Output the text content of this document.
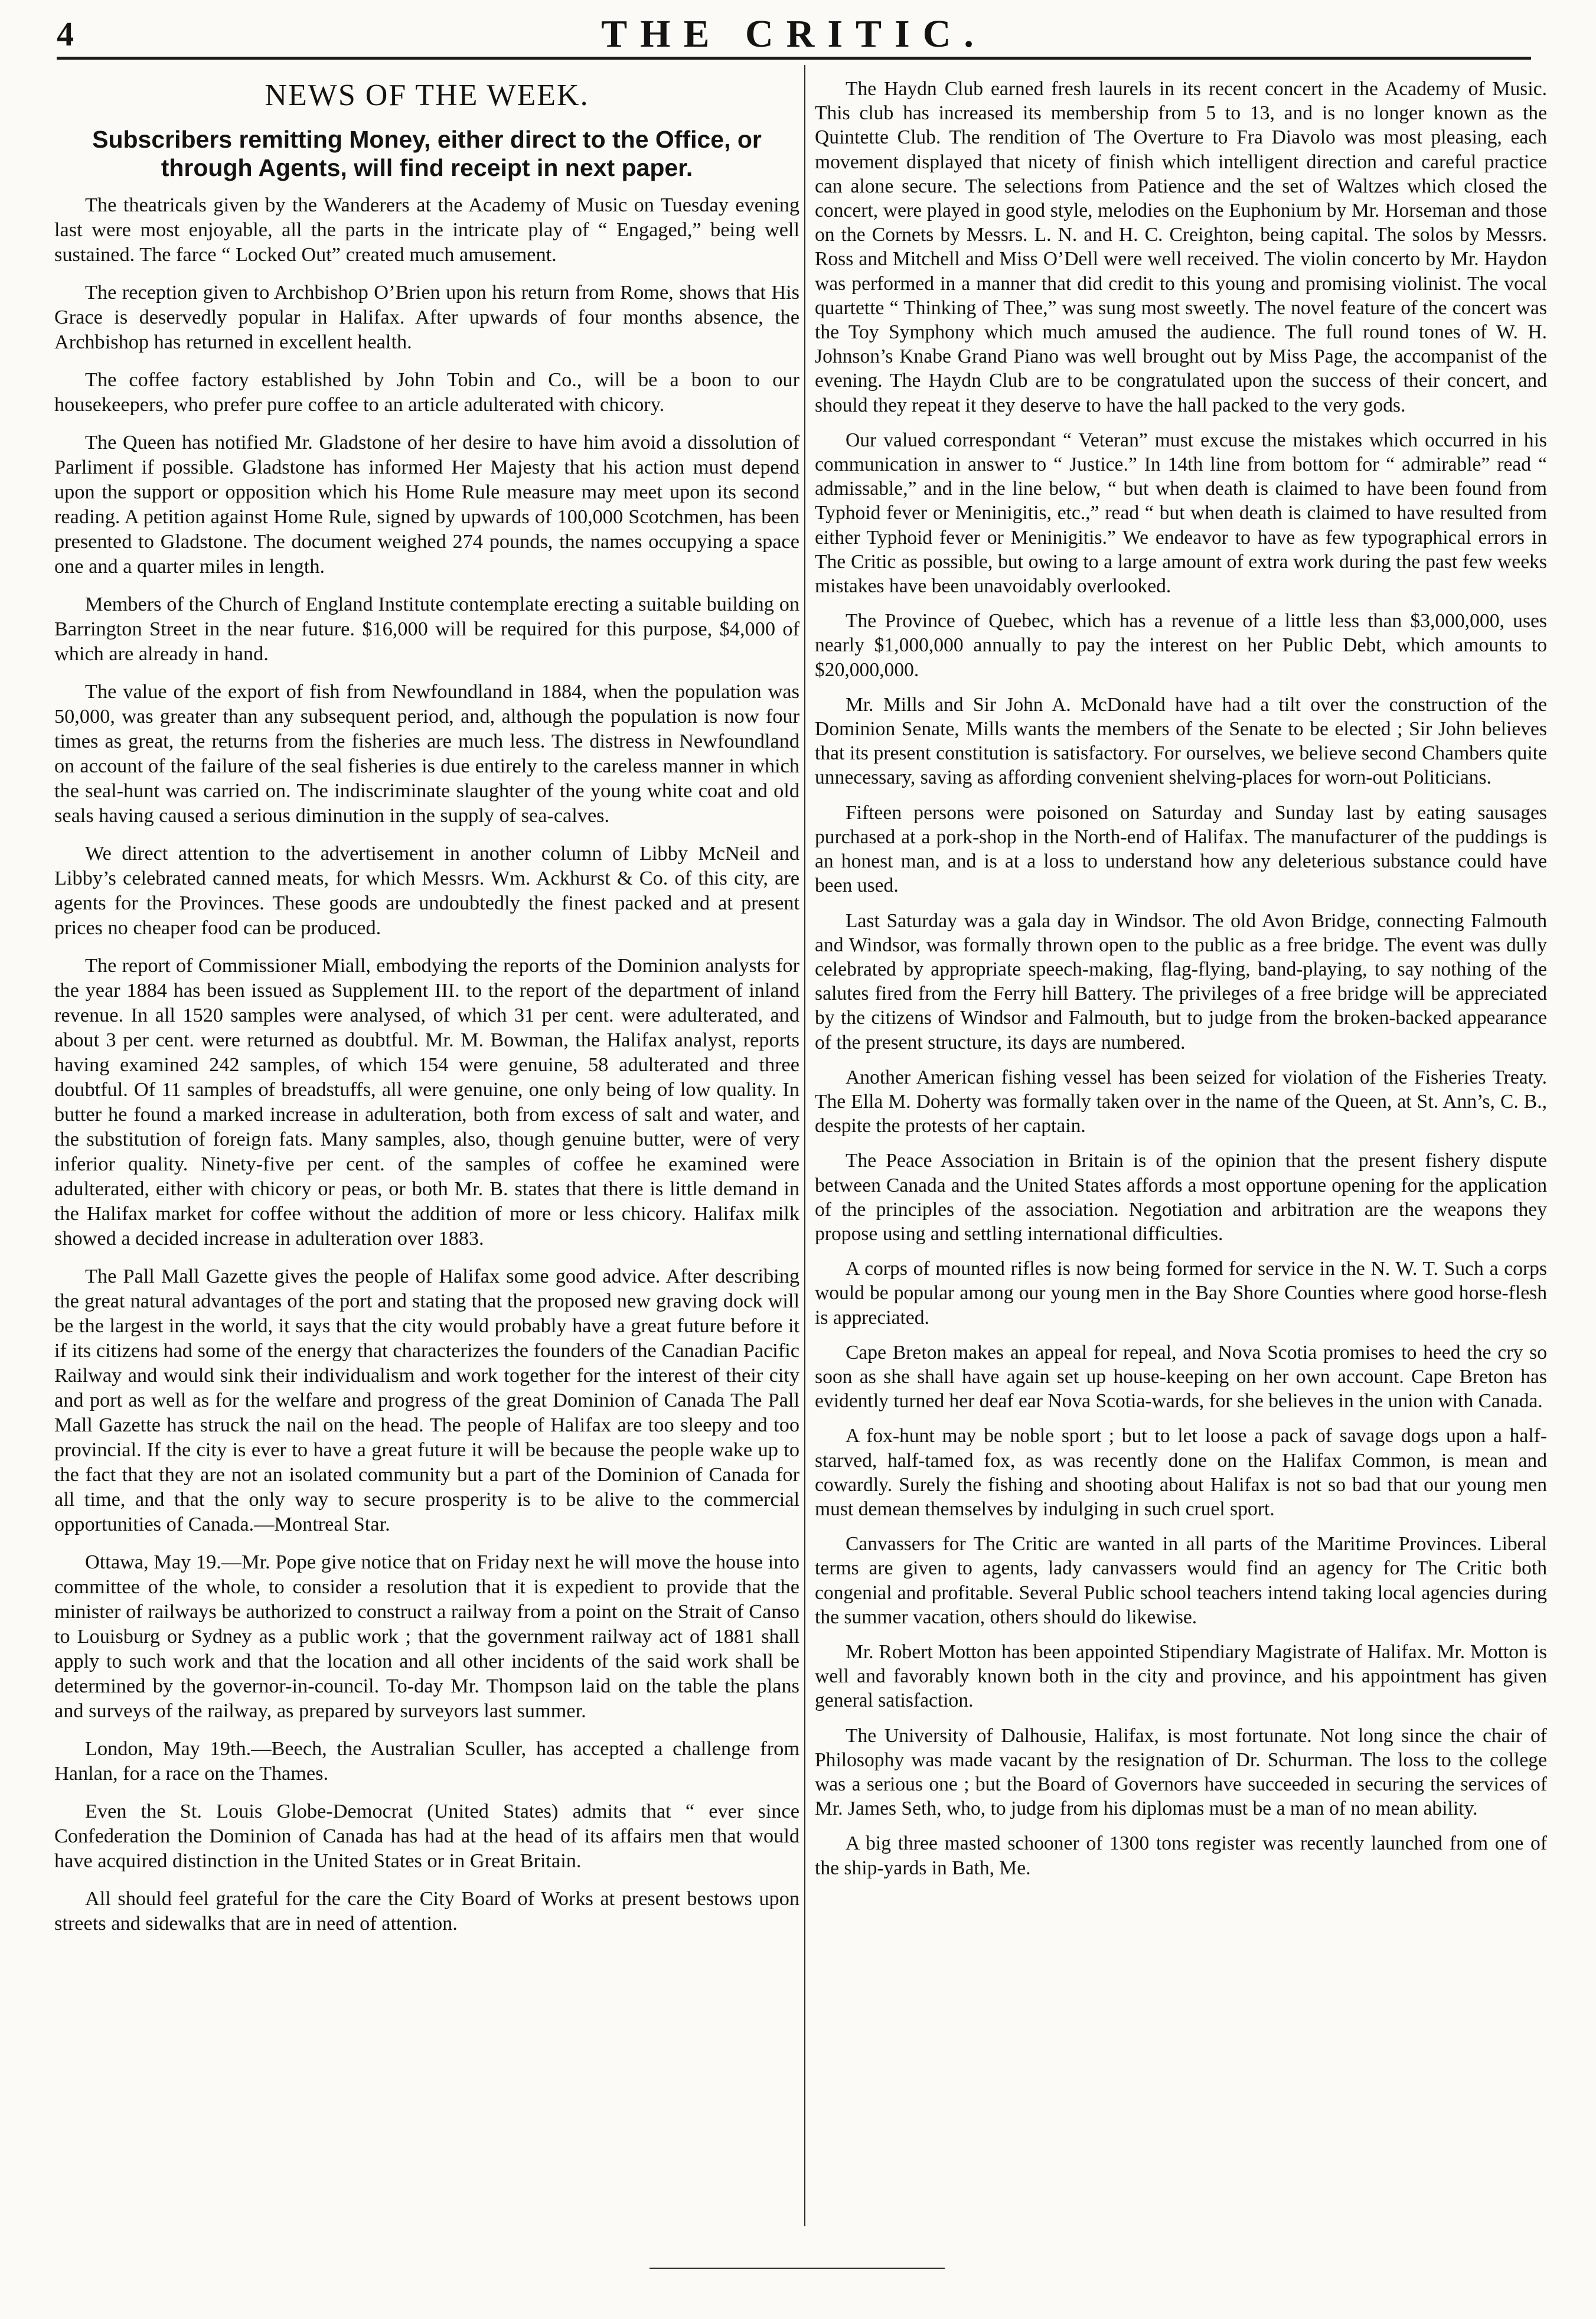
4	THE CRITIC.
NEWS OF THE WEEK.
Subscribers remitting Money, either direct to the Office, or through Agents, will find receipt in next paper.

The theatricals given by the Wanderers at the Academy of Music on Tuesday evening last were most enjoyable, all the parts in the intricate play of “ Engaged,” being well sustained. The farce “ Locked Out” created much amusement.

The reception given to Archbishop O’Brien upon his return from Rome, shows that His Grace is deservedly popular in Halifax. After upwards of four months absence, the Archbishop has returned in excellent health.

The coffee factory established by John Tobin and Co., will be a boon to our housekeepers, who prefer pure coffee to an article adulterated with chicory.

The Queen has notified Mr. Gladstone of her desire to have him avoid a dissolution of Parliment if possible. Gladstone has informed Her Majesty that his action must depend upon the support or opposition which his Home Rule measure may meet upon its second reading. A petition against Home Rule, signed by upwards of 100,000 Scotchmen, has been presented to Gladstone. The document weighed 274 pounds, the names occupying a space one and a quarter miles in length.

Members of the Church of England Institute contemplate erecting a suitable building on Barrington Street in the near future. $16,000 will be required for this purpose, $4,000 of which are already in hand.

The value of the export of fish from Newfoundland in 1884, when the population was 50,000, was greater than any subsequent period, and, although the population is now four times as great, the returns from the fisheries are much less. The distress in Newfoundland on account of the failure of the seal fisheries is due entirely to the careless manner in which the seal-hunt was carried on. The indiscriminate slaughter of the young white coat and old seals having caused a serious diminution in the supply of sea-calves.

We direct attention to the advertisement in another column of Libby McNeil and Libby’s celebrated canned meats, for which Messrs. Wm. Ackhurst & Co. of this city, are agents for the Provinces. These goods are undoubtedly the finest packed and at present prices no cheaper food can be produced.

The report of Commissioner Miall, embodying the reports of the Dominion analysts for the year 1884 has been issued as Supplement III. to the report of the department of inland revenue. In all 1520 samples were analysed, of which 31 per cent. were adulterated, and about 3 per cent. were returned as doubtful. Mr. M. Bowman, the Halifax analyst, reports having examined 242 samples, of which 154 were genuine, 58 adulterated and three doubtful. Of 11 samples of breadstuffs, all were genuine, one only being of low quality. In butter he found a marked increase in adulteration, both from excess of salt and water, and the substitution of foreign fats. Many samples, also, though genuine butter, were of very inferior quality. Ninety-five per cent. of the samples of coffee he examined were adulterated, either with chicory or peas, or both Mr. B. states that there is little demand in the Halifax market for coffee without the addition of more or less chicory. Halifax milk showed a decided increase in adulteration over 1883.

The Pall Mall Gazette gives the people of Halifax some good advice. After describing the great natural advantages of the port and stating that the proposed new graving dock will be the largest in the world, it says that the city would probably have a great future before it if its citizens had some of the energy that characterizes the founders of the Canadian Pacific Railway and would sink their individualism and work together for the interest of their city and port as well as for the welfare and progress of the great Dominion of Canada The Pall Mall Gazette has struck the nail on the head. The people of Halifax are too sleepy and too provincial. If the city is ever to have a great future it will be because the people wake up to the fact that they are not an isolated community but a part of the Dominion of Canada for all time, and that the only way to secure prosperity is to be alive to the commercial opportunities of Canada.—Montreal Star.

Ottawa, May 19.—Mr. Pope give notice that on Friday next he will move the house into committee of the whole, to consider a resolution that it is expedient to provide that the minister of railways be authorized to construct a railway from a point on the Strait of Canso to Louisburg or Sydney as a public work ; that the government railway act of 1881 shall apply to such work and that the location and all other incidents of the said work shall be determined by the governor-in-council. To-day Mr. Thompson laid on the table the plans and surveys of the railway, as prepared by surveyors last summer.

London, May 19th.—Beech, the Australian Sculler, has accepted a challenge from Hanlan, for a race on the Thames.

Even the St. Louis Globe-Democrat (United States) admits that “ ever since Confederation the Dominion of Canada has had at the head of its affairs men that would have acquired distinction in the United States or in Great Britain.

All should feel grateful for the care the City Board of Works at present bestows upon streets and sidewalks that are in need of attention.

The Haydn Club earned fresh laurels in its recent concert in the Academy of Music. This club has increased its membership from 5 to 13, and is no longer known as the Quintette Club. The rendition of The Overture to Fra Diavolo was most pleasing, each movement displayed that nicety of finish which intelligent direction and careful practice can alone secure. The selections from Patience and the set of Waltzes which closed the concert, were played in good style, melodies on the Euphonium by Mr. Horseman and those on the Cornets by Messrs. L. N. and H. C. Creighton, being capital. The solos by Messrs. Ross and Mitchell and Miss O’Dell were well received. The violin concerto by Mr. Haydon was performed in a manner that did credit to this young and promising violinist. The vocal quartette “ Thinking of Thee,” was sung most sweetly. The novel feature of the concert was the Toy Symphony which much amused the audience. The full round tones of W. H. Johnson’s Knabe Grand Piano was well brought out by Miss Page, the accompanist of the evening. The Haydn Club are to be congratulated upon the success of their concert, and should they repeat it they deserve to have the hall packed to the very gods.

Our valued correspondant “ Veteran” must excuse the mistakes which occurred in his communication in answer to “ Justice.” In 14th line from bottom for “ admirable” read “ admissable,” and in the line below, “ but when death is claimed to have been found from Typhoid fever or Meninigitis, etc.,” read “ but when death is claimed to have resulted from either Typhoid fever or Meninigitis.” We endeavor to have as few typographical errors in The Critic as possible, but owing to a large amount of extra work during the past few weeks mistakes have been unavoidably overlooked.

The Province of Quebec, which has a revenue of a little less than $3,000,000, uses nearly $1,000,000 annually to pay the interest on her Public Debt, which amounts to $20,000,000.

Mr. Mills and Sir John A. McDonald have had a tilt over the construction of the Dominion Senate, Mills wants the members of the Senate to be elected ; Sir John believes that its present constitution is satisfactory. For ourselves, we believe second Chambers quite unnecessary, saving as affording convenient shelving-places for worn-out Politicians.

Fifteen persons were poisoned on Saturday and Sunday last by eating sausages purchased at a pork-shop in the North-end of Halifax. The manufacturer of the puddings is an honest man, and is at a loss to understand how any deleterious substance could have been used.

Last Saturday was a gala day in Windsor. The old Avon Bridge, connecting Falmouth and Windsor, was formally thrown open to the public as a free bridge. The event was dully celebrated by appropriate speech-making, flag-flying, band-playing, to say nothing of the salutes fired from the Ferry hill Battery. The privileges of a free bridge will be appreciated by the citizens of Windsor and Falmouth, but to judge from the broken-backed appearance of the present structure, its days are numbered.

Another American fishing vessel has been seized for violation of the Fisheries Treaty. The Ella M. Doherty was formally taken over in the name of the Queen, at St. Ann’s, C. B., despite the protests of her captain.

The Peace Association in Britain is of the opinion that the present fishery dispute between Canada and the United States affords a most opportune opening for the application of the principles of the association. Negotiation and arbitration are the weapons they propose using and settling international difficulties.

A corps of mounted rifles is now being formed for service in the N. W. T. Such a corps would be popular among our young men in the Bay Shore Counties where good horse-flesh is appreciated.

Cape Breton makes an appeal for repeal, and Nova Scotia promises to heed the cry so soon as she shall have again set up house-keeping on her own account. Cape Breton has evidently turned her deaf ear Nova Scotia-wards, for she believes in the union with Canada.

A fox-hunt may be noble sport ; but to let loose a pack of savage dogs upon a half-starved, half-tamed fox, as was recently done on the Halifax Common, is mean and cowardly. Surely the fishing and shooting about Halifax is not so bad that our young men must demean themselves by indulging in such cruel sport.

Canvassers for The Critic are wanted in all parts of the Maritime Provinces. Liberal terms are given to agents, lady canvassers would find an agency for The Critic both congenial and profitable. Several Public school teachers intend taking local agencies during the summer vacation, others should do likewise.

Mr. Robert Motton has been appointed Stipendiary Magistrate of Halifax. Mr. Motton is well and favorably known both in the city and province, and his appointment has given general satisfaction.

The University of Dalhousie, Halifax, is most fortunate. Not long since the chair of Philosophy was made vacant by the resignation of Dr. Schurman. The loss to the college was a serious one ; but the Board of Governors have succeeded in securing the services of Mr. James Seth, who, to judge from his diplomas must be a man of no mean ability.

A big three masted schooner of 1300 tons register was recently launched from one of the ship-yards in Bath, Me.
